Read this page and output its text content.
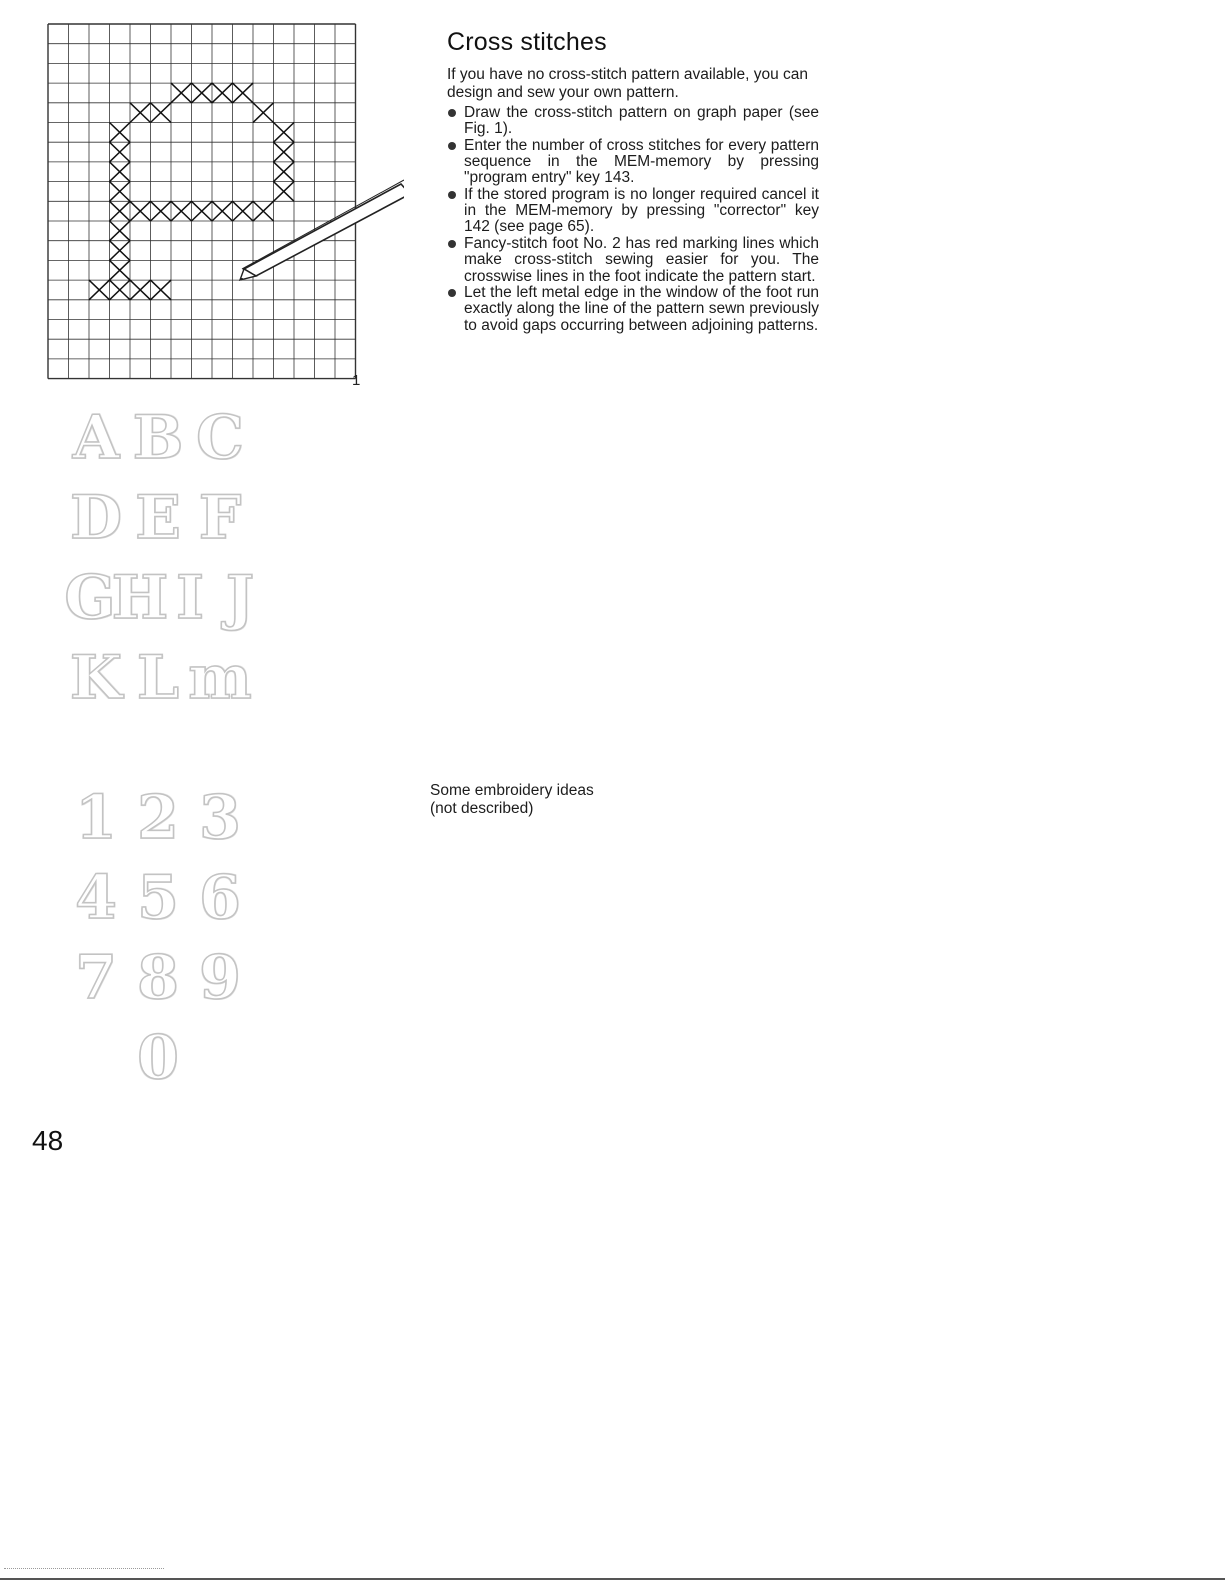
1
Cross stitches

If you have no cross-stitch pattern available, you can design and sew your own pattern.

Draw the cross-stitch pattern on graph paper (see Fig. 1).
Enter the number of cross stitches for every pattern sequence in the MEM-memory by pressing "program entry" key 143.
If the stored program is no longer required cancel it in the MEM-memory by pressing "corrector" key 142 (see page 65).
Fancy-stitch foot No. 2 has red marking lines which make cross-stitch sewing easier for you. The crosswise lines in the foot indicate the pattern start.
Let the left metal edge in the window of the foot run exactly along the line of the pattern sewn previously to avoid gaps occurring between adjoining patterns.
A B C
D E F
G
H I J
K L m
1 2 3
4 5 6
7 8 9
0

Some embroidery ideas
(not described)

48
